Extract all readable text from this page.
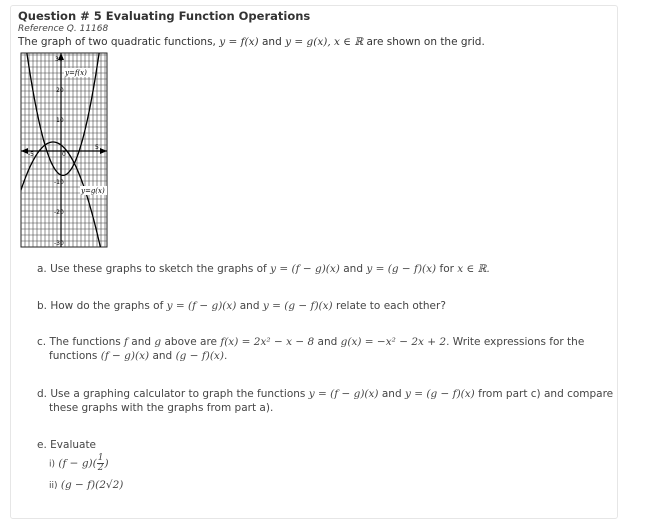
Question # 5 Evaluating Function Operations
Reference Q. 11168
The graph of two quadratic functions, y = f(x) and y = g(x), x ∈ ℝ are shown on the grid.
y=f(x)
y=g(x)
30
20
10
-10
-20
-30
-5	0
5
a. Use these graphs to sketch the graphs of y = (f − g)(x) and y = (g − f)(x) for x ∈ ℝ.
b. How do the graphs of y = (f − g)(x) and y = (g − f)(x) relate to each other?
c. The functions f and g above are f(x) = 2x² − x − 8 and g(x) = −x² − 2x + 2. Write expressions for the
functions (f − g)(x) and (g − f)(x).
d. Use a graphing calculator to graph the functions y = (f − g)(x) and y = (g − f)(x) from part c) and compare
these graphs with the graphs from part a).
e. Evaluate
i) $(f - g)( \frac{1}{2}$ )
ii) (g − f)(2√2)
